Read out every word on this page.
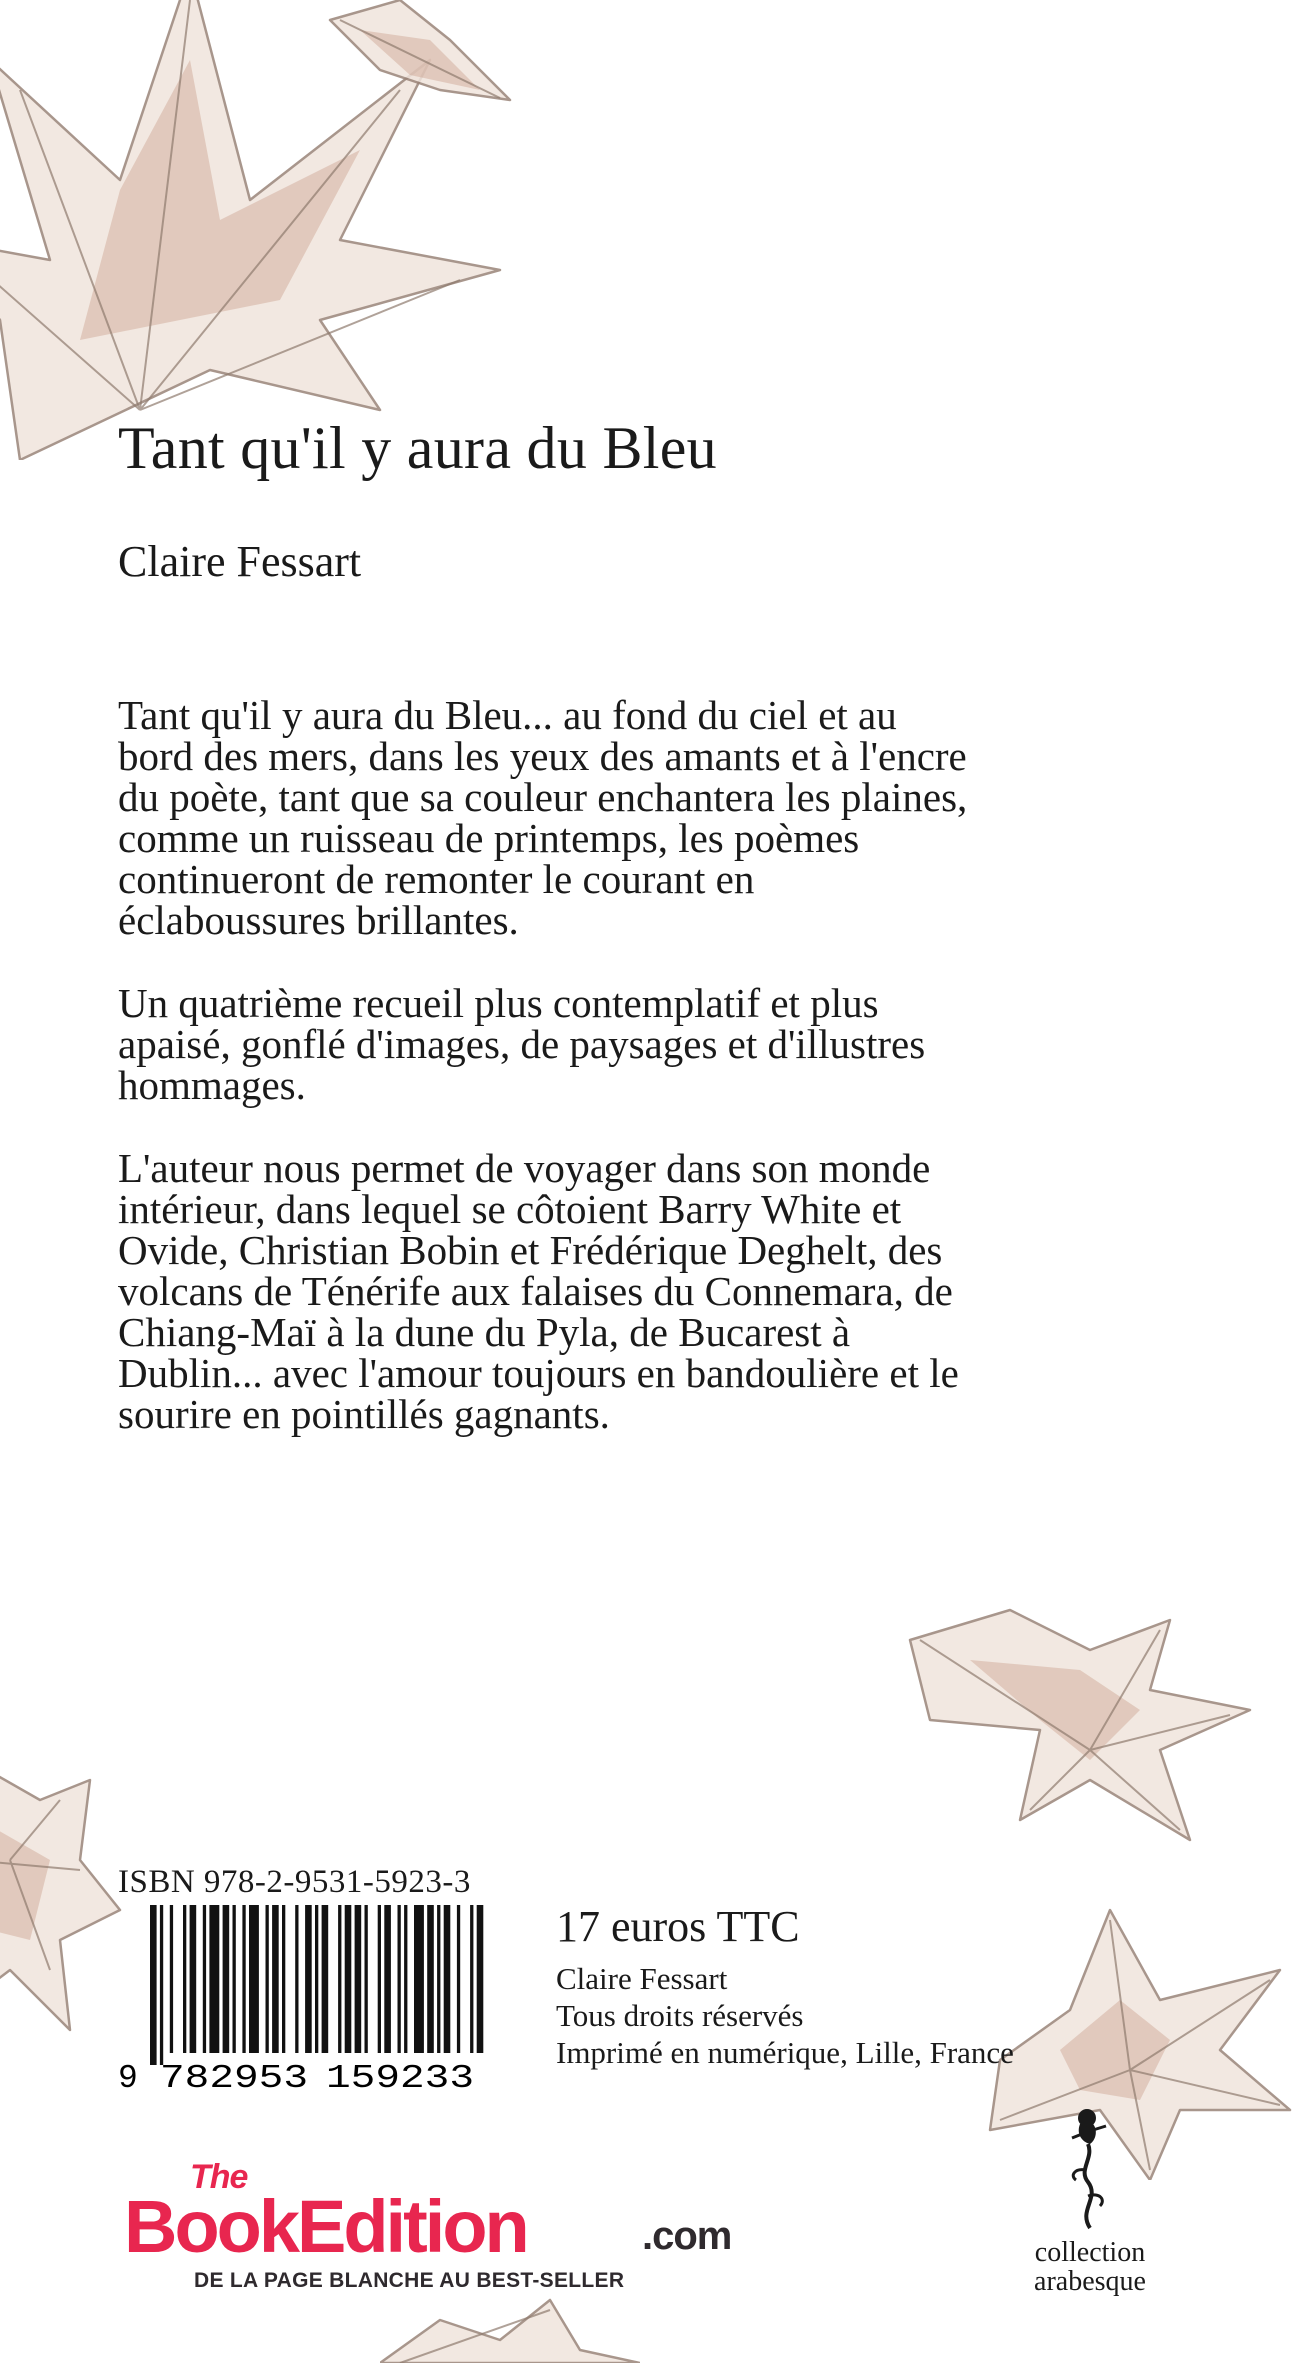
Tant qu'il y aura du Bleu
Claire Fessart

Tant qu'il y aura du Bleu... au fond du ciel et au bord des mers, dans les yeux des amants et à l'encre du poète, tant que sa couleur enchantera les plaines, comme un ruisseau de printemps, les poèmes continueront de remonter le courant en éclaboussures brillantes.

Un quatrième recueil plus contemplatif et plus apaisé, gonflé d'images, de paysages et d'illustres hommages.

L'auteur nous permet de voyager dans son monde intérieur, dans lequel se côtoient Barry White et Ovide, Christian Bobin et Frédérique Deghelt, des volcans de Ténérife aux falaises du Connemara, de Chiang-Maï à la dune du Pyla, de Bucarest à Dublin... avec l'amour toujours en bandoulière et le sourire en pointillés gagnants.

ISBN 978-2-9531-5923-3
9 782953 159233
17 euros TTC
Claire Fessart
Tous droits réservés
Imprimé en numérique, Lille, France
The
BookEdition	.com
DE LA PAGE BLANCHE AU BEST-SELLER
collection
arabesque
